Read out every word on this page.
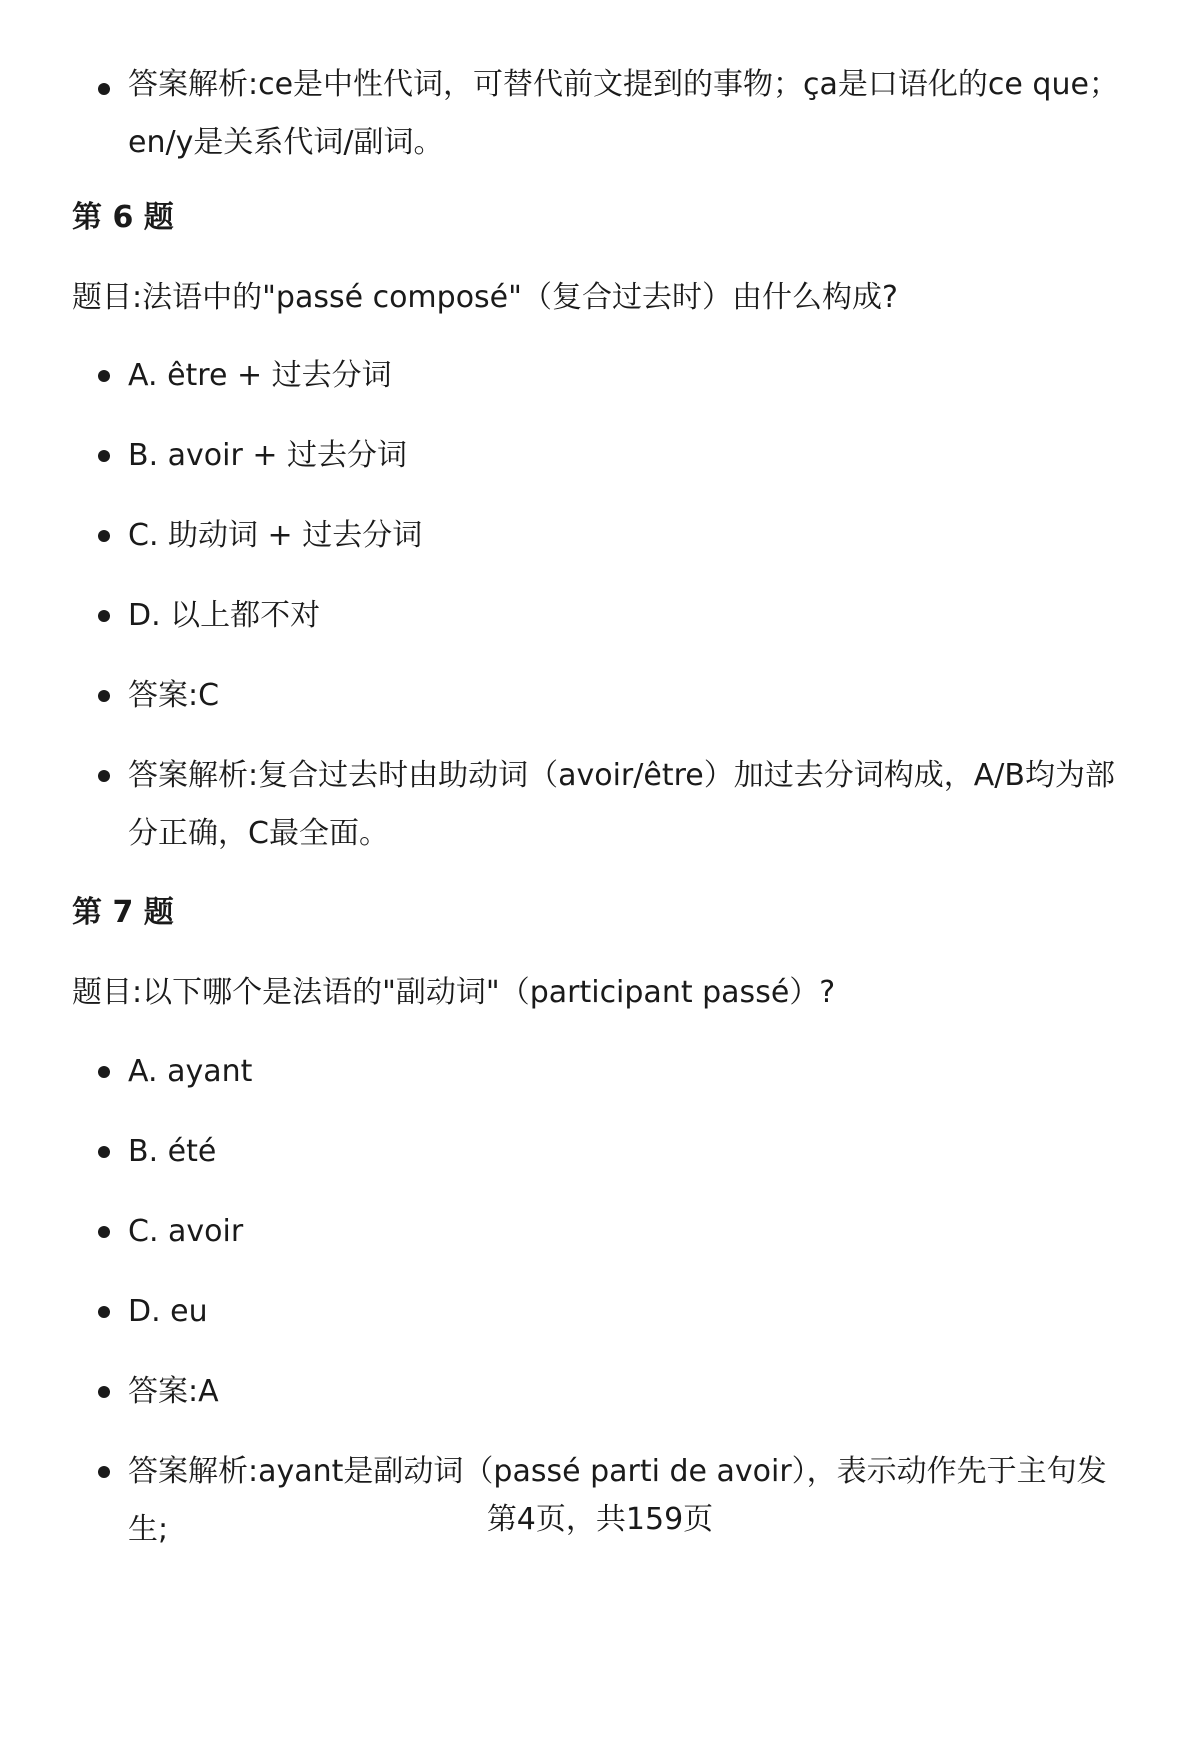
答案解析:ce是中性代词，可替代前文提到的事物；ça是口语化的ce que；en/y是关系代词/副词。
第 6 题
题目:法语中的"passé composé"（复合过去时）由什么构成?
A. être + 过去分词
B. avoir + 过去分词
C. 助动词 + 过去分词
D. 以上都不对
答案:C
答案解析:复合过去时由助动词（avoir/être）加过去分词构成，A/B均为部分正确，C最全面。
第 7 题
题目:以下哪个是法语的"副动词"（participant passé）?
A. ayant
B. été
C. avoir
D. eu
答案:A
答案解析:ayant是副动词（passé parti de avoir），表示动作先于主句发生;	第4页，共159页
